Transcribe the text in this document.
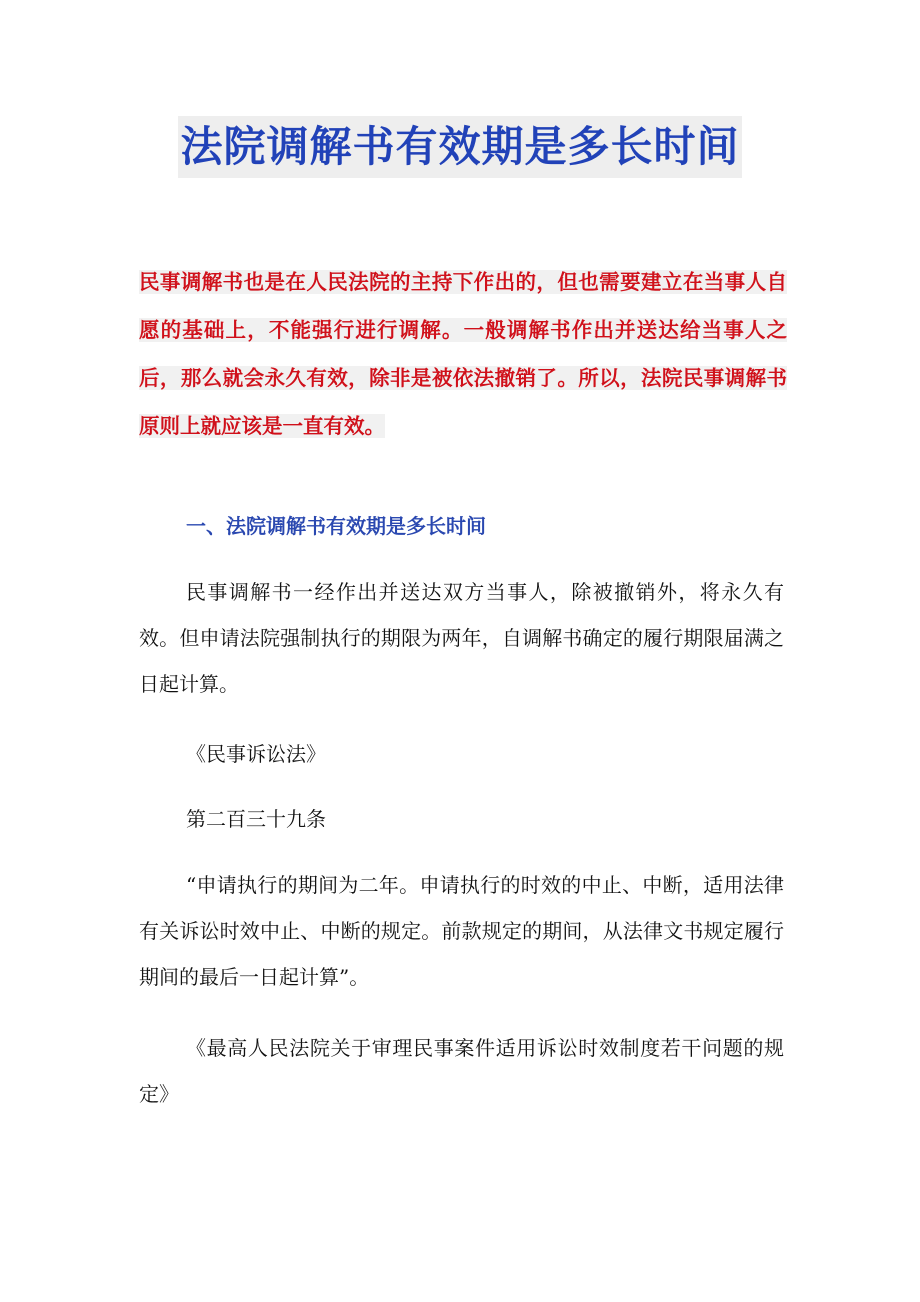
法院调解书有效期是多长时间

民事调解书也是在人民法院的主持下作出的，但也需要建立在当事人自愿的基础上，不能强行进行调解。一般调解书作出并送达给当事人之后，那么就会永久有效，除非是被依法撤销了。所以，法院民事调解书原则上就应该是一直有效。

一、法院调解书有效期是多长时间

民事调解书一经作出并送达双方当事人，除被撤销外，将永久有效。但申请法院强制执行的期限为两年，自调解书确定的履行期限届满之日起计算。

《民事诉讼法》

第二百三十九条

“申请执行的期间为二年。申请执行的时效的中止、中断，适用法律有关诉讼时效中止、中断的规定。前款规定的期间，从法律文书规定履行期间的最后一日起计算”。

《最高人民法院关于审理民事案件适用诉讼时效制度若干问题的规定》
